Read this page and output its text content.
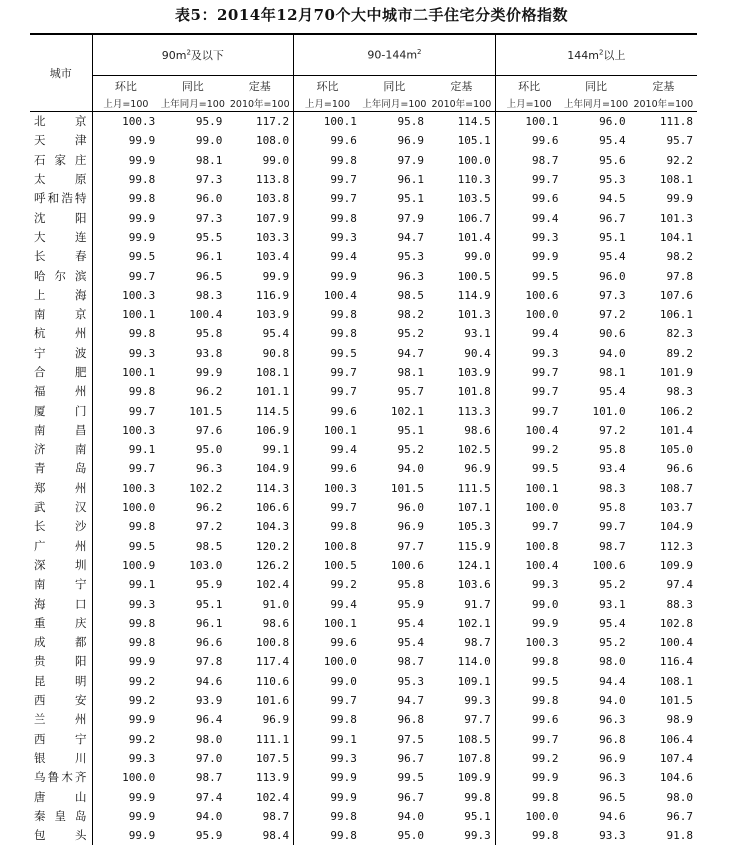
表5：2014年12月70个大中城市二手住宅分类价格指数
城市	$90m^2$及以下			$90-144m^2$			$144m^2$以上		
	环比	同比	定基	环比	同比	定基	环比	同比	定基
	上月=100	上年同月=100	2010年=100	上月=100	上年同月=100	2010年=100	上月=100	上年同月=100	2010年=100
北京	100.3	95.9	117.2	100.1	95.8	114.5	100.1	96.0	111.8
天津	99.9	99.0	108.0	99.6	96.9	105.1	99.6	95.4	95.7
石家庄	99.9	98.1	99.0	99.8	97.9	100.0	98.7	95.6	92.2
太原	99.8	97.3	113.8	99.7	96.1	110.3	99.7	95.3	108.1
呼和浩特	99.8	96.0	103.8	99.7	95.1	103.5	99.6	94.5	99.9
沈阳	99.9	97.3	107.9	99.8	97.9	106.7	99.4	96.7	101.3
大连	99.9	95.5	103.3	99.3	94.7	101.4	99.3	95.1	104.1
长春	99.5	96.1	103.4	99.4	95.3	99.0	99.9	95.4	98.2
哈尔滨	99.7	96.5	99.9	99.9	96.3	100.5	99.5	96.0	97.8
上海	100.3	98.3	116.9	100.4	98.5	114.9	100.6	97.3	107.6
南京	100.1	100.4	103.9	99.8	98.2	101.3	100.0	97.2	106.1
杭州	99.8	95.8	95.4	99.8	95.2	93.1	99.4	90.6	82.3
宁波	99.3	93.8	90.8	99.5	94.7	90.4	99.3	94.0	89.2
合肥	100.1	99.9	108.1	99.7	98.1	103.9	99.7	98.1	101.9
福州	99.8	96.2	101.1	99.7	95.7	101.8	99.7	95.4	98.3
厦门	99.7	101.5	114.5	99.6	102.1	113.3	99.7	101.0	106.2
南昌	100.3	97.6	106.9	100.1	95.1	98.6	100.4	97.2	101.4
济南	99.1	95.0	99.1	99.4	95.2	102.5	99.2	95.8	105.0
青岛	99.7	96.3	104.9	99.6	94.0	96.9	99.5	93.4	96.6
郑州	100.3	102.2	114.3	100.3	101.5	111.5	100.1	98.3	108.7
武汉	100.0	96.2	106.6	99.7	96.0	107.1	100.0	95.8	103.7
长沙	99.8	97.2	104.3	99.8	96.9	105.3	99.7	99.7	104.9
广州	99.5	98.5	120.2	100.8	97.7	115.9	100.8	98.7	112.3
深圳	100.9	103.0	126.2	100.5	100.6	124.1	100.4	100.6	109.9
南宁	99.1	95.9	102.4	99.2	95.8	103.6	99.3	95.2	97.4
海口	99.3	95.1	91.0	99.4	95.9	91.7	99.0	93.1	88.3
重庆	99.8	96.1	98.6	100.1	95.4	102.1	99.9	95.4	102.8
成都	99.8	96.6	100.8	99.6	95.4	98.7	100.3	95.2	100.4
贵阳	99.9	97.8	117.4	100.0	98.7	114.0	99.8	98.0	116.4
昆明	99.2	94.6	110.6	99.0	95.3	109.1	99.5	94.4	108.1
西安	99.2	93.9	101.6	99.7	94.7	99.3	99.8	94.0	101.5
兰州	99.9	96.4	96.9	99.8	96.8	97.7	99.6	96.3	98.9
西宁	99.2	98.0	111.1	99.1	97.5	108.5	99.7	96.8	106.4
银川	99.3	97.0	107.5	99.3	96.7	107.8	99.2	96.9	107.4
乌鲁木齐	100.0	98.7	113.9	99.9	99.5	109.9	99.9	96.3	104.6
唐山	99.9	97.4	102.4	99.9	96.7	99.8	99.8	96.5	98.0
秦皇岛	99.9	94.0	98.7	99.8	94.0	95.1	100.0	94.6	96.7
包头	99.9	95.9	98.4	99.8	95.0	99.3	99.8	93.3	91.8
